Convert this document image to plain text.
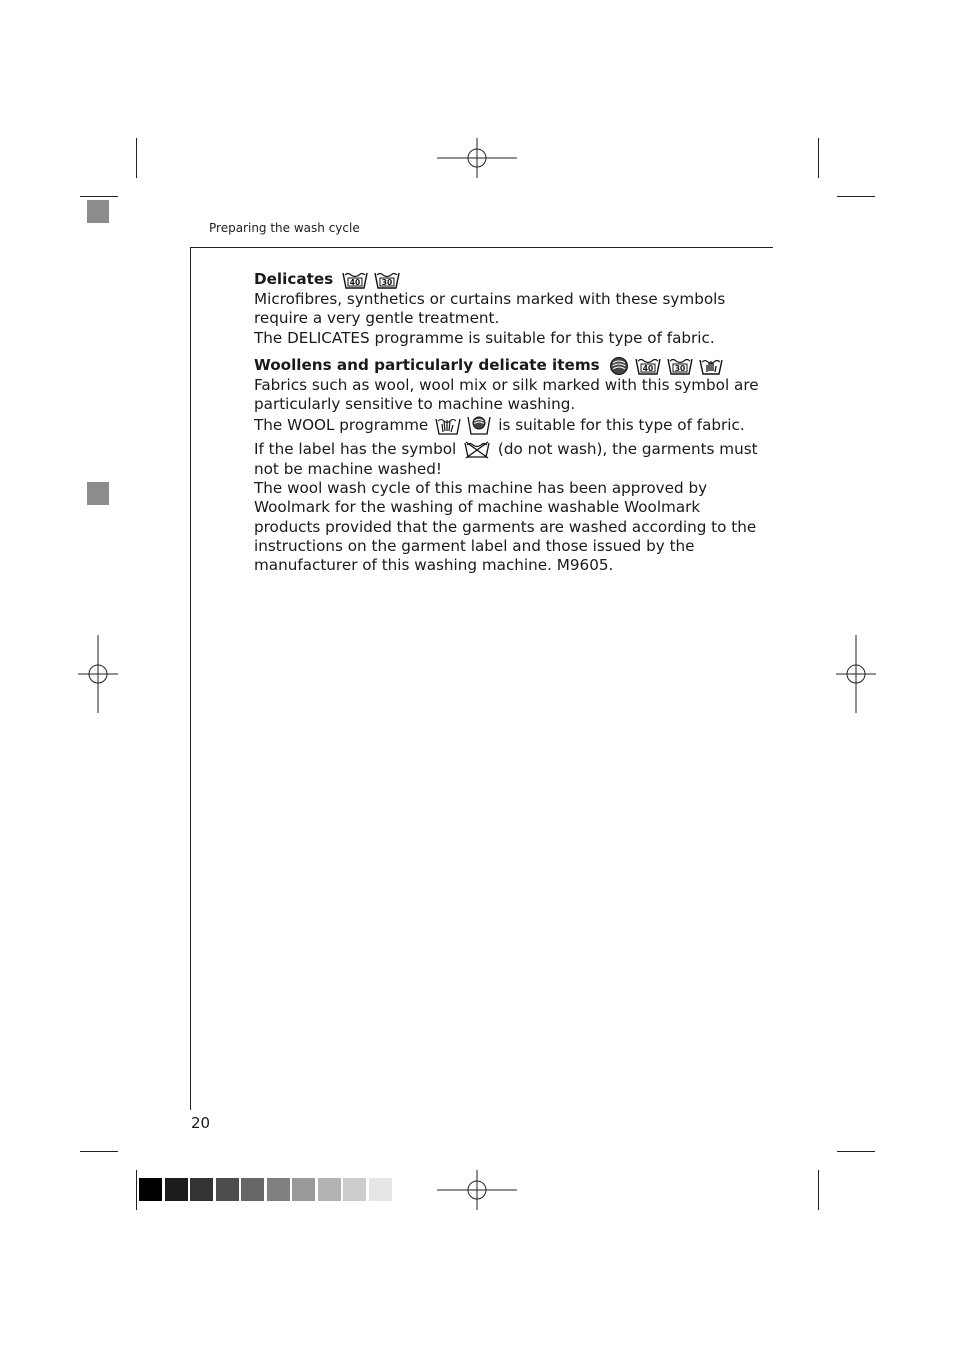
Preparing the wash cycle
Delicates 40	30

Microfibres, synthetics or curtains marked with these symbols require a very gentle treatment.

The DELICATES programme is suitable for this type of fabric.

Woollens and particularly delicate items	40	30

Fabrics such as wool, wool mix or silk marked with this symbol are particularly sensitive to machine washing.

The WOOL programme	is suitable for this type of fabric.

If the label has the symbol	(do not wash), the garments must not be machine washed!

The wool wash cycle of this machine has been approved by Woolmark for the washing of machine washable Woolmark products provided that the garments are washed according to the instructions on the garment label and those issued by the manufacturer of this washing machine. M9605.

20
